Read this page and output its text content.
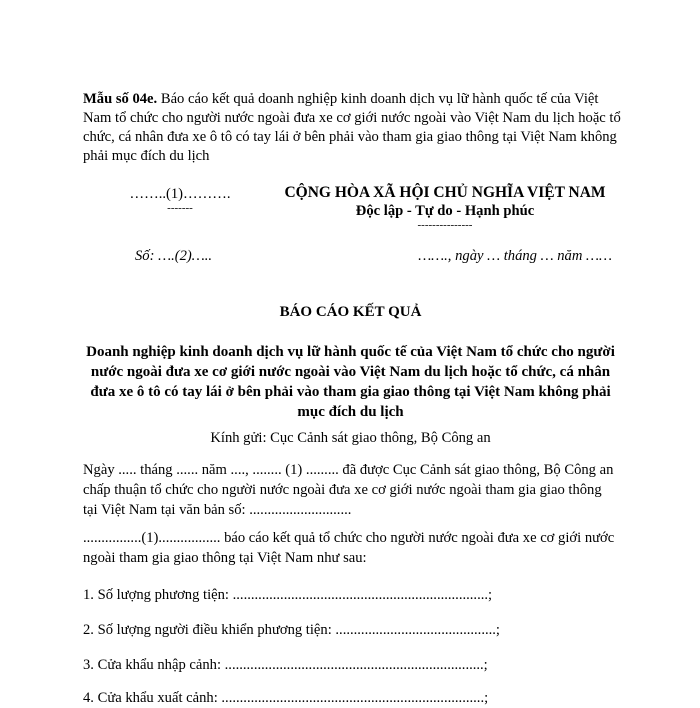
Mẫu số 04e. Báo cáo kết quả doanh nghiệp kinh doanh dịch vụ lữ hành quốc tế của Việt Nam tổ chức cho người nước ngoài đưa xe cơ giới nước ngoài vào Việt Nam du lịch hoặc tổ chức, cá nhân đưa xe ô tô có tay lái ở bên phải vào tham gia giao thông tại Việt Nam không phải mục đích du lịch
……..(1)……….
-------
CỘNG HÒA XÃ HỘI CHỦ NGHĨA VIỆT NAM
Độc lập - Tự do - Hạnh phúc
---------------
Số: ….(2)…..	……., ngày … tháng … năm ……
BÁO CÁO KẾT QUẢ
Doanh nghiệp kinh doanh dịch vụ lữ hành quốc tế của Việt Nam tổ chức cho người nước ngoài đưa xe cơ giới nước ngoài vào Việt Nam du lịch hoặc tổ chức, cá nhân đưa xe ô tô có tay lái ở bên phải vào tham gia giao thông tại Việt Nam không phải mục đích du lịch
Kính gửi: Cục Cảnh sát giao thông, Bộ Công an
Ngày ..... tháng ...... năm ...., ........ (1) ......... đã được Cục Cảnh sát giao thông, Bộ Công an chấp thuận tổ chức cho người nước ngoài đưa xe cơ giới nước ngoài tham gia giao thông tại Việt Nam tại văn bản số: ............................
................(1)................. báo cáo kết quả tổ chức cho người nước ngoài đưa xe cơ giới nước ngoài tham gia giao thông tại Việt Nam như sau:
1. Số lượng phương tiện: ......................................................................;
2. Số lượng người điều khiển phương tiện: ............................................;
3. Cửa khẩu nhập cảnh: .......................................................................;
4. Cửa khẩu xuất cảnh: ........................................................................;
